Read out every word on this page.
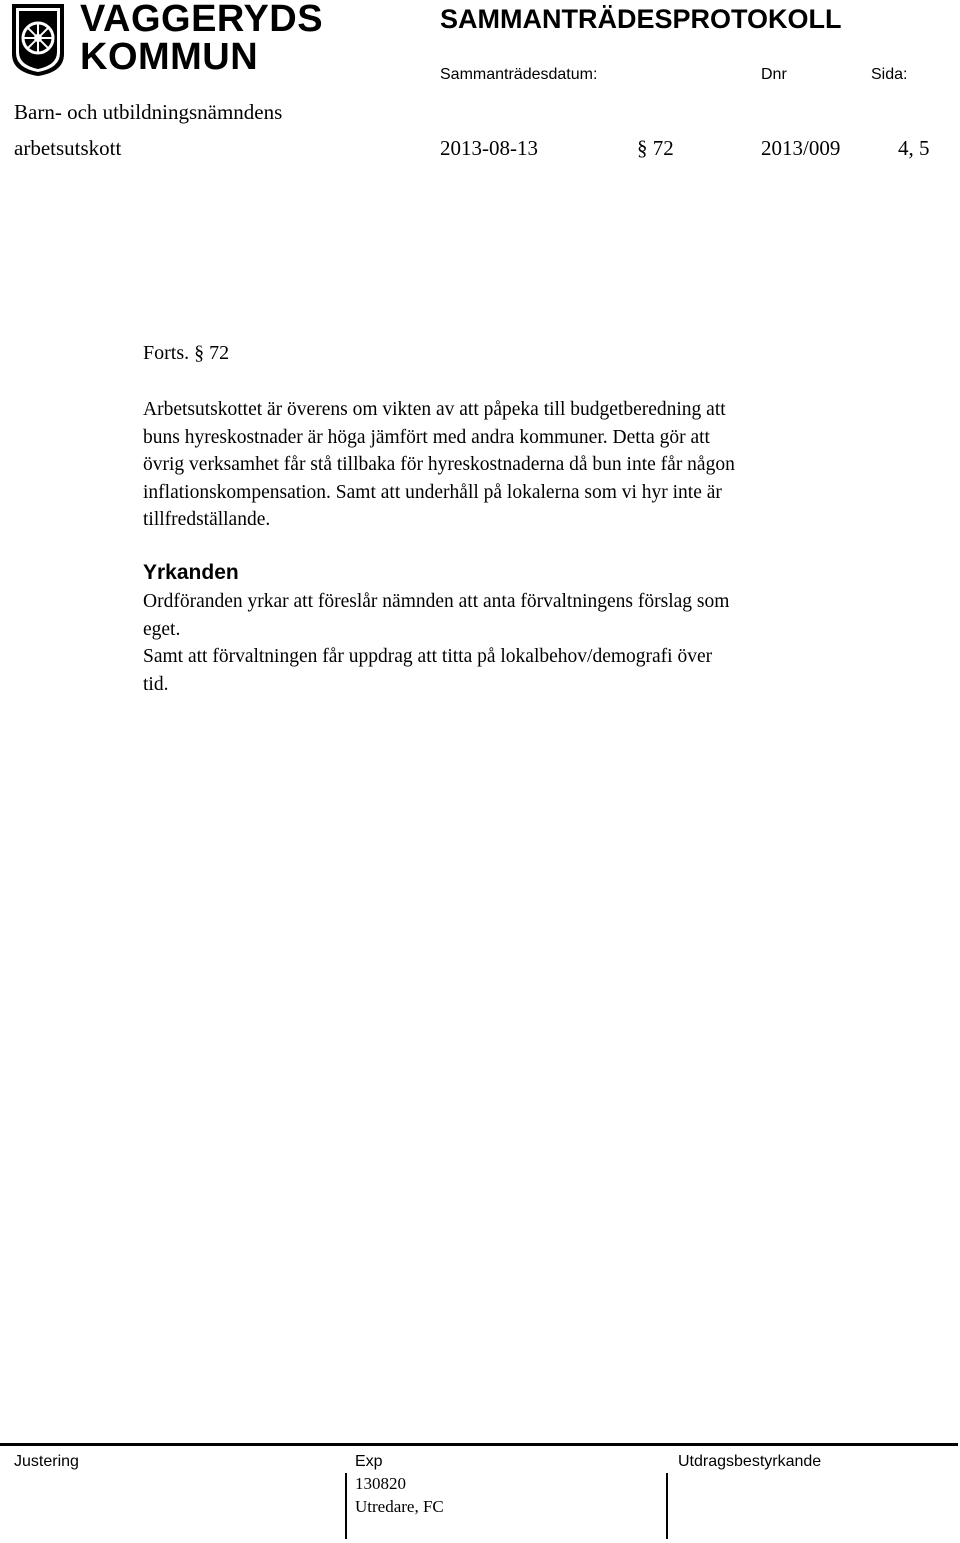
VAGGERYDS
KOMMUN
SAMMANTRÄDESPROTOKOLL
Sammanträdesdatum:	Dnr	Sida:
Barn- och utbildningsnämndens
arbetsutskott	2013-08-13	§ 72	2013/009	4, 5
Forts. § 72
Arbetsutskottet är överens om vikten av att påpeka till budgetberedning att
buns hyreskostnader är höga jämfört med andra kommuner. Detta gör att
övrig verksamhet får stå tillbaka för hyreskostnaderna då bun inte får någon
inflationskompensation. Samt att underhåll på lokalerna som vi hyr inte är
tillfredställande.
Yrkanden
Ordföranden yrkar att föreslår nämnden att anta förvaltningens förslag som
eget.
Samt att förvaltningen får uppdrag att titta på lokalbehov/demografi över
tid.
Justering	Exp	Utdragsbestyrkande
130820
Utredare, FC
